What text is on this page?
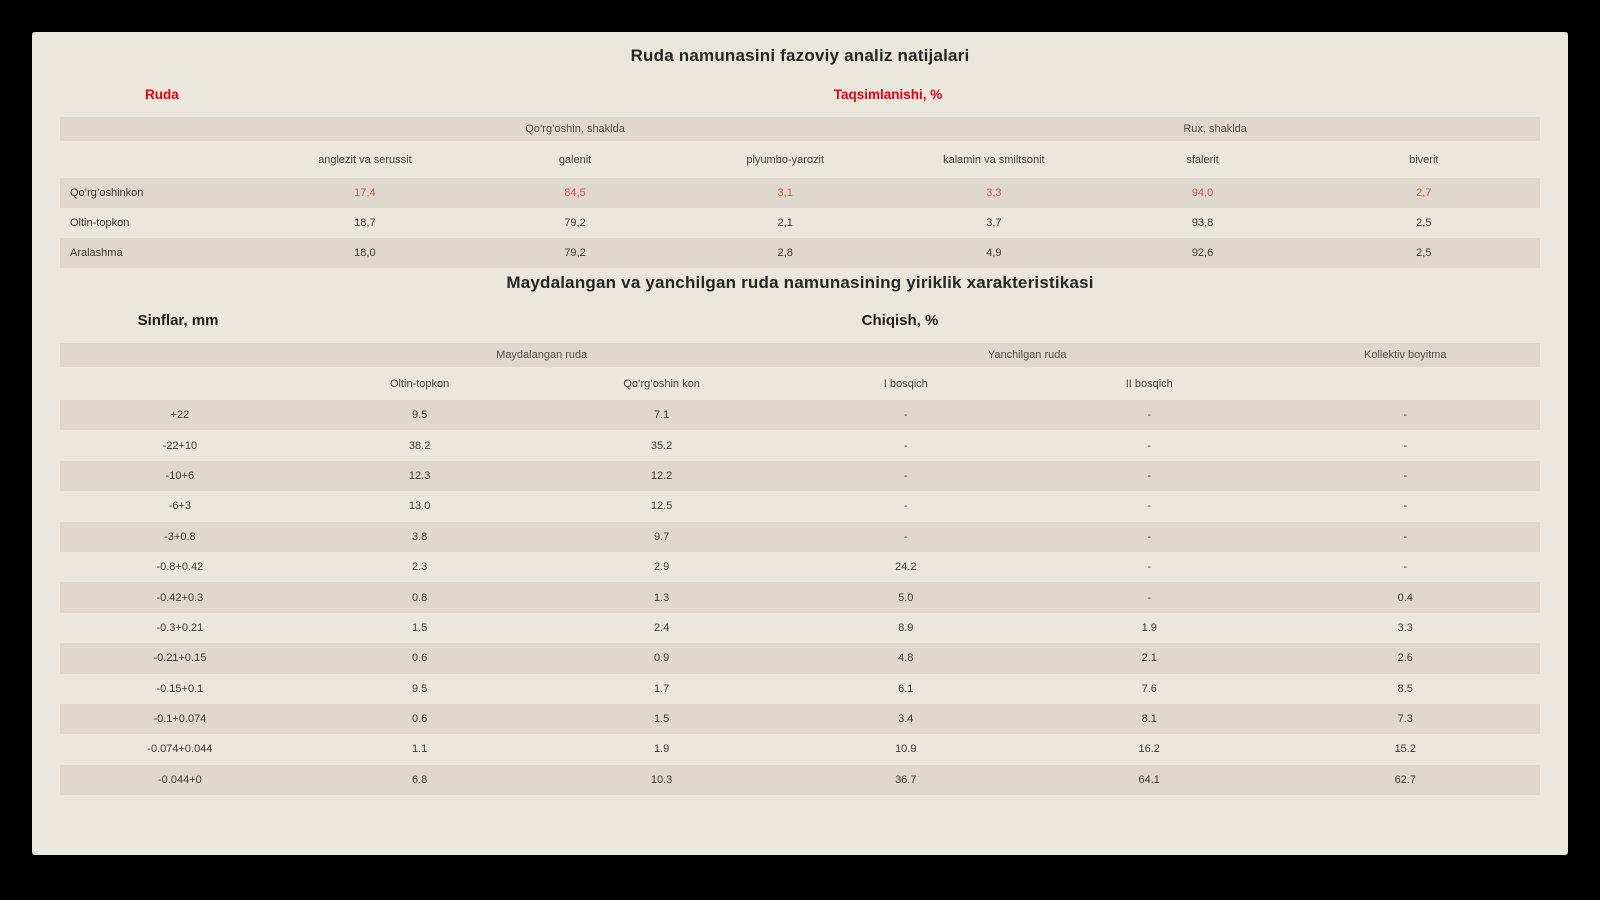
Ruda namunasini fazoviy analiz natijalari
Ruda	Taqsimlanishi, %
Qo’rg’oshin, shaklda	Rux, shaklda
anglezit va serussit	galenit	plyumbo-yarozit	kalamin va smiltsonit	sfalerit	biverit
Qo’rg’oshinkon	17,4	84,5	3,1	3,3	94,0	2,7
Oltin-topkon	18,7	79,2	2,1	3,7	93,8	2,5
Aralashma	18,0	79,2	2,8	4,9	92,6	2,5
Maydalangan va yanchilgan ruda namunasining yiriklik xarakteristikasi
Sinflar, mm	Chiqish, %
Maydalangan ruda	Yanchilgan ruda	Kollektiv boyitma
Oltin-topkon	Qo’rg’oshin kon	I bosqich	II bosqich
+22	9.5	7.1	-	-	-
-22+10	38.2	35.2	-	-	-
-10+6	12.3	12.2	-	-	-
-6+3	13.0	12.5	-	-	-
-3+0.8	3.8	9.7	-	-	-
-0.8+0.42	2.3	2.9	24.2	-	-
-0.42+0.3	0.8	1.3	5.0	-	0.4
-0.3+0.21	1.5	2.4	8.9	1.9	3.3
-0.21+0.15	0.6	0.9	4.8	2.1	2.6
-0.15+0.1	9.5	1.7	6.1	7.6	8.5
-0.1+0.074	0.6	1.5	3.4	8.1	7.3
-0.074+0.044	1.1	1.9	10.9	16.2	15.2
-0.044+0	6.8	10.3	36.7	64.1	62.7
